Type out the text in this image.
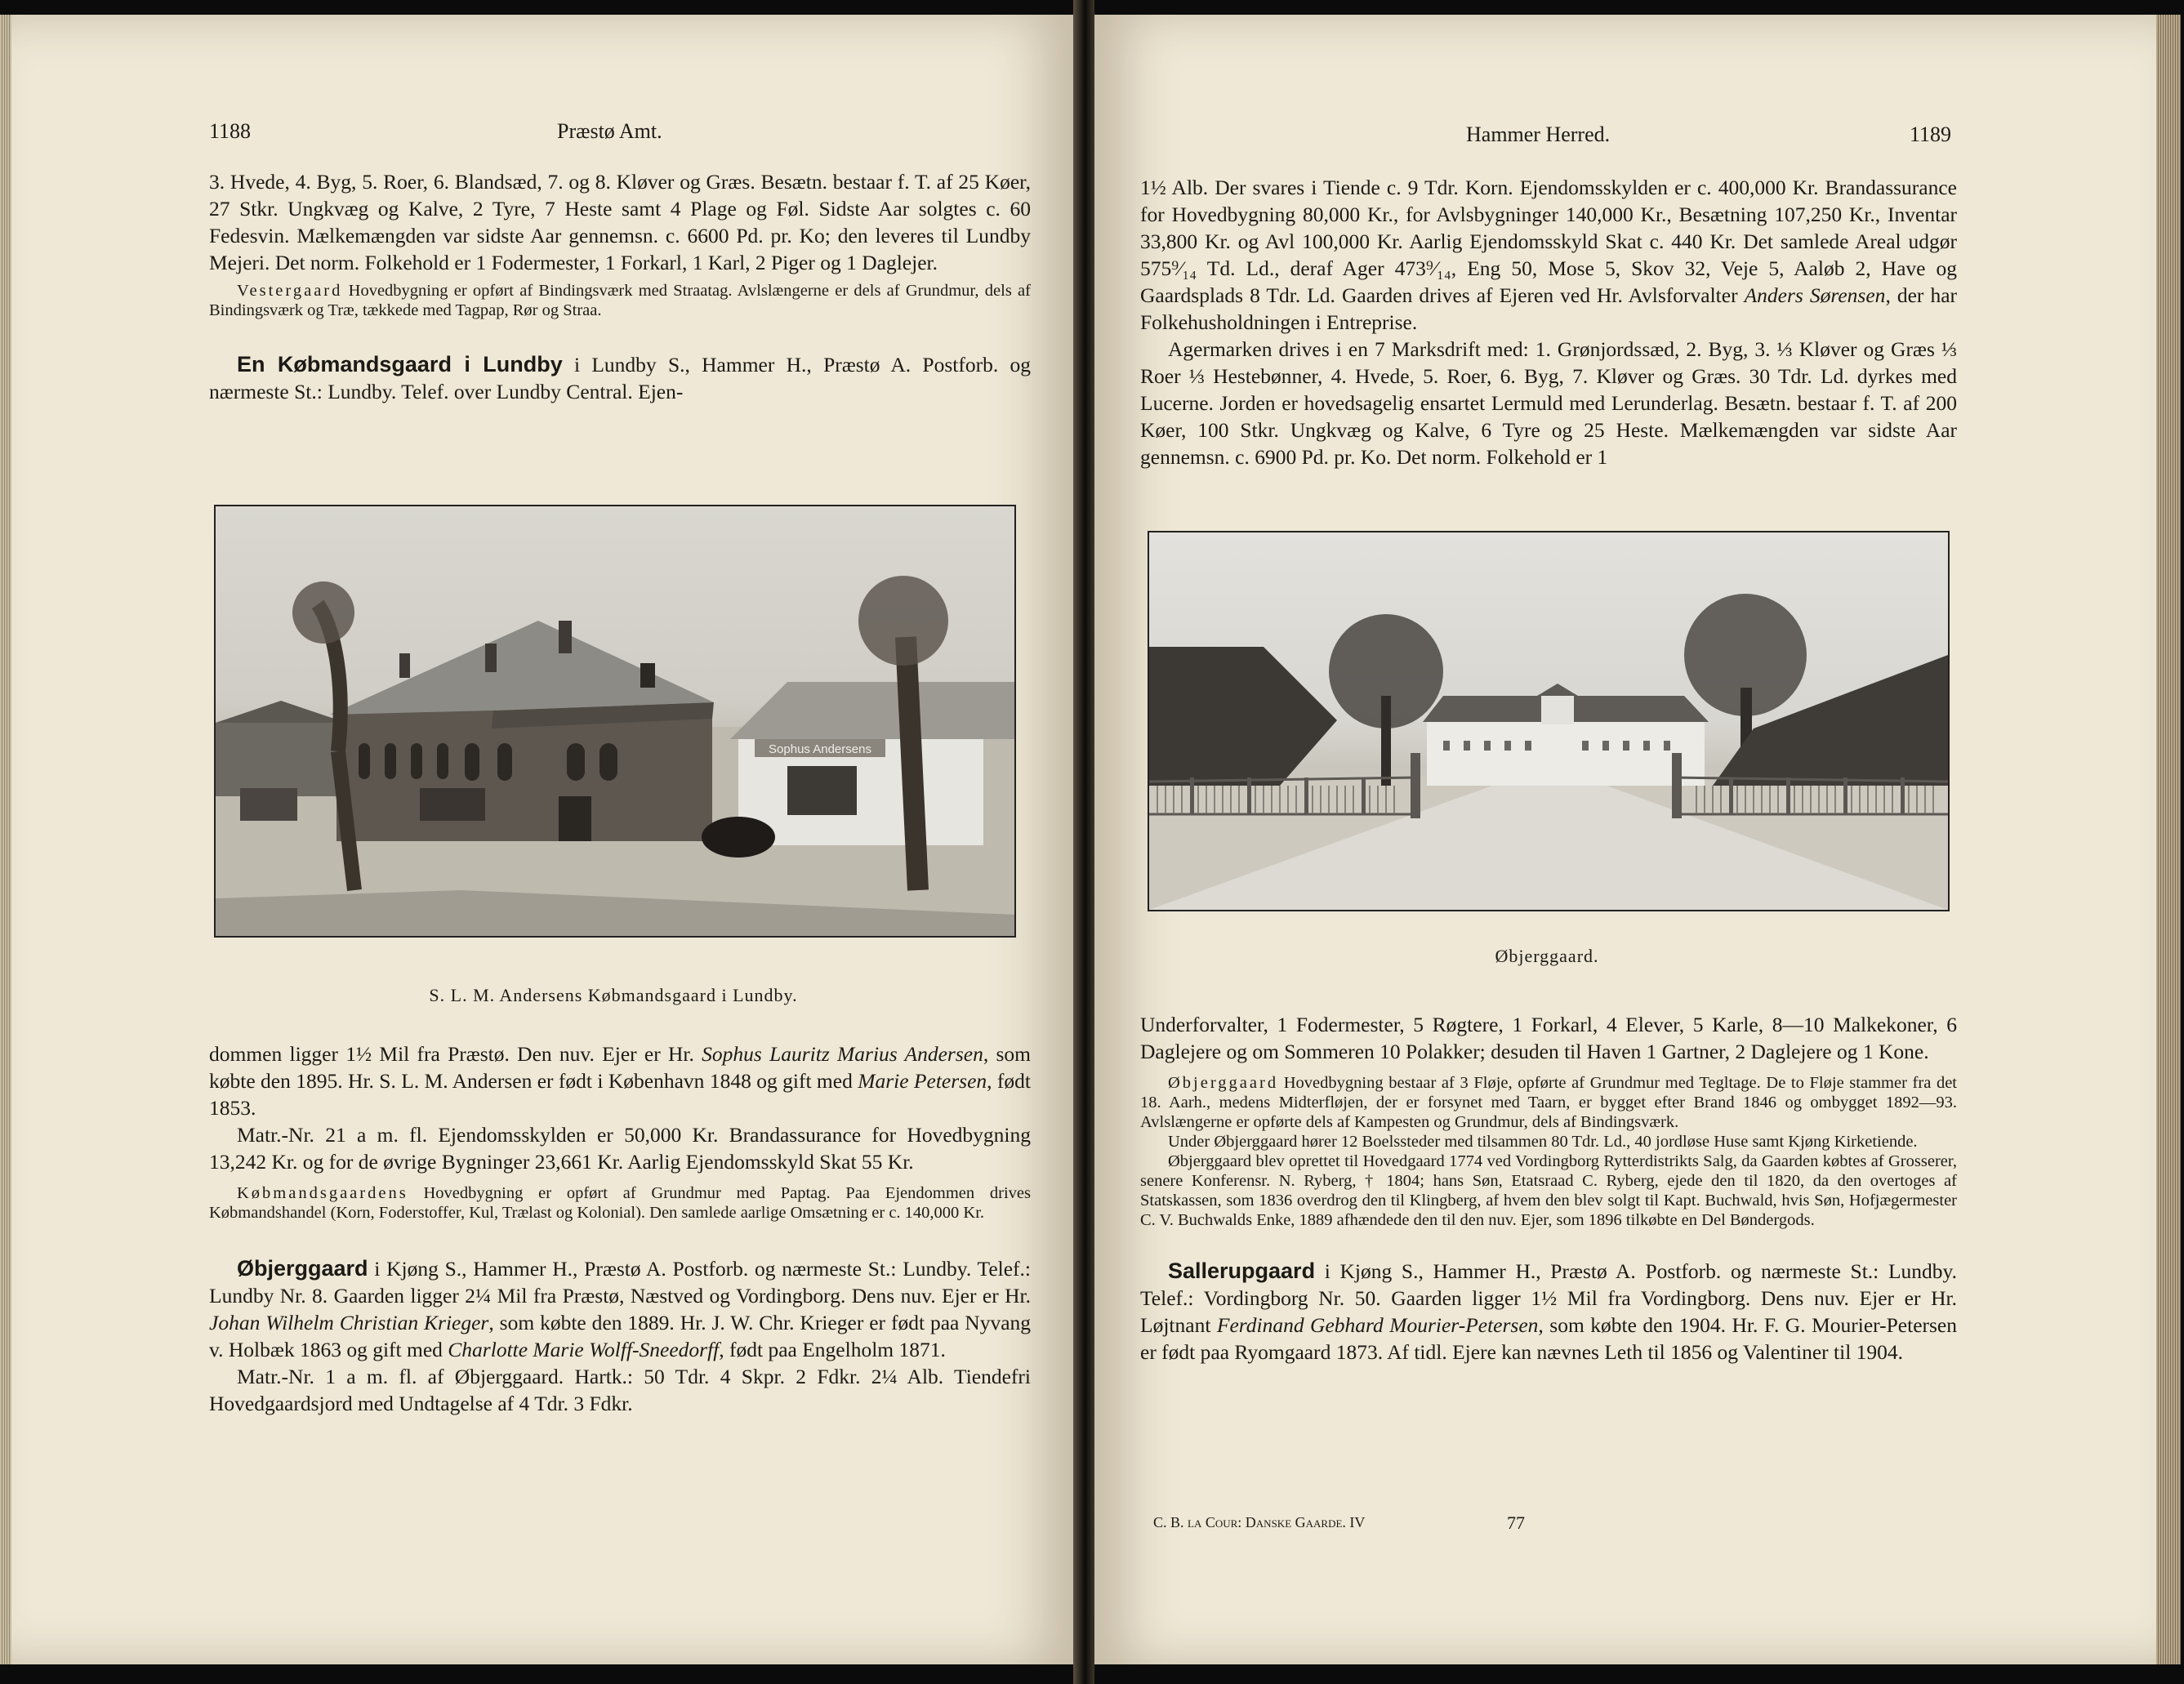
1188	Præstø Amt.

3. Hvede, 4. Byg, 5. Roer, 6. Blandsæd, 7. og 8. Kløver og Græs. Besætn. bestaar f. T. af 25 Køer, 27 Stkr. Ungkvæg og Kalve, 2 Tyre, 7 Heste samt 4 Plage og Føl. Sidste Aar solgtes c. 60 Fedesvin. Mælkemængden var sidste Aar gennemsn. c. 6600 Pd. pr. Ko; den leveres til Lundby Mejeri. Det norm. Folkehold er 1 Fodermester, 1 Forkarl, 1 Karl, 2 Piger og 1 Daglejer.

Vestergaard Hovedbygning er opført af Bindingsværk med Straatag. Avlslængerne er dels af Grundmur, dels af Bindingsværk og Træ, tækkede med Tagpap, Rør og Straa.

En Købmandsgaard i Lundby i Lundby S., Hammer H., Præstø A. Postforb. og nærmeste St.: Lundby. Telef. over Lundby Central. Ejen-

Sophus Andersens
S. L. M. Andersens Købmandsgaard i Lundby.

dommen ligger 1½ Mil fra Præstø. Den nuv. Ejer er Hr. Sophus Lauritz Marius Andersen, som købte den 1895. Hr. S. L. M. Andersen er født i København 1848 og gift med Marie Petersen, født 1853.

Matr.-Nr. 21 a m. fl. Ejendomsskylden er 50,000 Kr. Brandassurance for Hovedbygning 13,242 Kr. og for de øvrige Bygninger 23,661 Kr. Aarlig Ejendomsskyld Skat 55 Kr.

Købmandsgaardens Hovedbygning er opført af Grundmur med Paptag. Paa Ejendommen drives Købmandshandel (Korn, Foderstoffer, Kul, Trælast og Kolonial). Den samlede aarlige Omsætning er c. 140,000 Kr.

Øbjerggaard i Kjøng S., Hammer H., Præstø A. Postforb. og nærmeste St.: Lundby. Telef.: Lundby Nr. 8. Gaarden ligger 2¼ Mil fra Præstø, Næstved og Vordingborg. Dens nuv. Ejer er Hr. Johan Wilhelm Christian Krieger, som købte den 1889. Hr. J. W. Chr. Krieger er født paa Nyvang v. Holbæk 1863 og gift med Charlotte Marie Wolff-Sneedorff, født paa Engelholm 1871.

Matr.-Nr. 1 a m. fl. af Øbjerggaard. Hartk.: 50 Tdr. 4 Skpr. 2 Fdkr. 2¼ Alb. Tiendefri Hovedgaardsjord med Undtagelse af 4 Tdr. 3 Fdkr.

Hammer Herred.	1189

1½ Alb. Der svares i Tiende c. 9 Tdr. Korn. Ejendomsskylden er c. 400,000 Kr. Brandassurance for Hovedbygning 80,000 Kr., for Avlsbygninger 140,000 Kr., Besætning 107,250 Kr., Inventar 33,800 Kr. og Avl 100,000 Kr. Aarlig Ejendomsskyld Skat c. 440 Kr. Det samlede Areal udgør 575⁹⁄₁₄ Td. Ld., deraf Ager 473⁹⁄₁₄, Eng 50, Mose 5, Skov 32, Veje 5, Aaløb 2, Have og Gaardsplads 8 Tdr. Ld. Gaarden drives af Ejeren ved Hr. Avlsforvalter Anders Sørensen, der har Folkehusholdningen i Entreprise.

Agermarken drives i en 7 Marksdrift med: 1. Grønjordssæd, 2. Byg, 3. ⅓ Kløver og Græs ⅓ Roer ⅓ Hestebønner, 4. Hvede, 5. Roer, 6. Byg, 7. Kløver og Græs. 30 Tdr. Ld. dyrkes med Lucerne. Jorden er hovedsagelig ensartet Lermuld med Lerunderlag. Besætn. bestaar f. T. af 200 Køer, 100 Stkr. Ungkvæg og Kalve, 6 Tyre og 25 Heste. Mælkemængden var sidste Aar gennemsn. c. 6900 Pd. pr. Ko. Det norm. Folkehold er 1

Øbjerggaard.

Underforvalter, 1 Fodermester, 5 Røgtere, 1 Forkarl, 4 Elever, 5 Karle, 8—10 Malkekoner, 6 Daglejere og om Sommeren 10 Polakker; desuden til Haven 1 Gartner, 2 Daglejere og 1 Kone.

Øbjerggaard Hovedbygning bestaar af 3 Fløje, opførte af Grundmur med Tegltage. De to Fløje stammer fra det 18. Aarh., medens Midterfløjen, der er forsynet med Taarn, er bygget efter Brand 1846 og ombygget 1892—93. Avlslængerne er opførte dels af Kampesten og Grundmur, dels af Bindingsværk.

Under Øbjerggaard hører 12 Boelssteder med tilsammen 80 Tdr. Ld., 40 jordløse Huse samt Kjøng Kirketiende.

Øbjerggaard blev oprettet til Hovedgaard 1774 ved Vordingborg Rytterdistrikts Salg, da Gaarden købtes af Grosserer, senere Konferensr. N. Ryberg, † 1804; hans Søn, Etatsraad C. Ryberg, ejede den til 1820, da den overtoges af Statskassen, som 1836 overdrog den til Klingberg, af hvem den blev solgt til Kapt. Buchwald, hvis Søn, Hofjægermester C. V. Buchwalds Enke, 1889 afhændede den til den nuv. Ejer, som 1896 tilkøbte en Del Bøndergods.

Sallerupgaard i Kjøng S., Hammer H., Præstø A. Postforb. og nærmeste St.: Lundby. Telef.: Vordingborg Nr. 50. Gaarden ligger 1½ Mil fra Vordingborg. Dens nuv. Ejer er Hr. Løjtnant Ferdinand Gebhard Mourier-Petersen, som købte den 1904. Hr. F. G. Mourier-Petersen er født paa Ryomgaard 1873. Af tidl. Ejere kan nævnes Leth til 1856 og Valentiner til 1904.

C. B. la Cour: Danske Gaarde. IV	77
